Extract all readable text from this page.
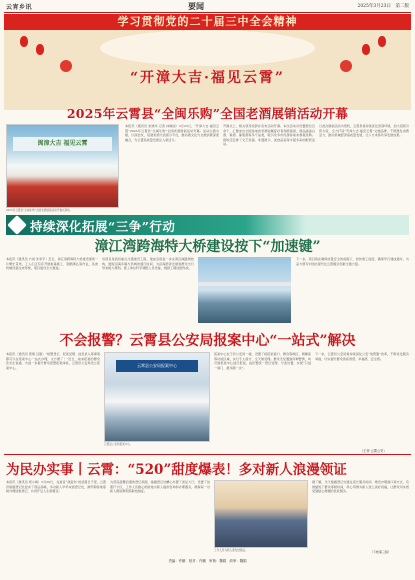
云宵乡讯	要闻	2025年3月23日　第二版
学习贯彻党的二十届三中全会精神
“开漳大吉·福见云霄”
2025年云霄县“全闽乐购”全国老酒展销活动开幕
闽漳大吉 福见云霄
2025年云霄县“全闽乐购”全国老酒展销活动开幕式现场。
本报讯（通讯员 朱晓华 记者 林晓丽）3月23日，“开漳大吉·福见云霄”2025年云霄县“全闽乐购”全国老酒展销活动开幕。活动以酒为媒，以商会友，搭建老酒交流展示平台，推动酒文化与文旅消费深度融合，为云霄高质量发展注入新活力。
开幕式上，相关领导致辞并宣布活动开幕。本次活动共设置展位百余个，汇聚来自全国各地的老酒收藏爱好者和经销商，展品涵盖白酒、黄酒、葡萄酒等多个品类，吸引众多市民游客前来参观选购。现场还安排了文艺表演、非遗展示、美食品鉴等丰富多彩的配套活动。
以此次展销活动为契机，云霄县将持续优化营商环境，加大招商引资力度，全力打造“开漳大吉·福见云霄”文旅品牌，不断激发消费活力，推动县域经济高质量发展，让八方来客共享发展成果。
持续深化拓展“三争”行动
漳江湾跨海特大桥建设按下“加速键”
本报讯（通讯员 方雨 朱李宇）近日，漳江湾跨海特大桥建设现场一片繁忙景象，工人们正有序开展桩基施工、钢筋绑扎等作业，各类机械设备往来穿梭，项目建设全力推进。
该项目是我县重点交通建设工程，建成后将进一步完善区域路网结构，缩短沿海乡镇与县城的通行时间，为沿海经济发展和群众出行带来极大便利。施工单位科学调配人员设备，倒排工期挂图作战。
下一步，项目将在确保质量安全的前提下，加快施工进度，确保早日建成通车，为奋力谱写中国式现代化云霄篇章贡献交通力量。
不会报警？云霄县公安局报案中心“一站式”解决
本报讯（通讯员 郑翔 吕刚）“接警登记、报案受理、信息录入等事项都可以在报案中心一站式办理，太方便了！”近日，前来报案的群众张先生说道。为进一步提升群众报警报案体验，云霄县公安局设立报案中心。	云霄县公安局报案中心
云霄县公安局报案中心。
报案中心位于县公安局一楼，设置了接报案窗口、群众等候区、调解室等功能区域，实行专人值守、全天候受理。群众无论遇到何种警情，均可到报案中心进行报案，由民警统一登记受理、分流处置，实现“只进一扇门、最多跑一次”。
下一步，云霄县公安局将持续深化公安“放管服”改革，不断优化服务举措，切实提升群众的获得感、幸福感、安全感。
（王菲 云霄公安）
为民办实事丨云霄：“520”甜度爆表！多对新人浪漫领证
本报讯（通讯员 郑小梅）5月20日，在谐音“我爱你”的浪漫日子里，云霄县婚姻登记处迎来了领证高峰，多对新人早早来到登记处，满怀期待地等候办理结婚登记，共同开启人生新篇章。
为营造温馨浪漫的登记氛围，婚姻登记处精心布置了颁证大厅，设置了拍照打卡区，工作人员耐心细致地为新人提供咨询和办理服务，确保每一对新人都能顺利领取结婚证。
工作人员为新人颁发结婚证。
据了解，当天婚姻登记处通过延长服务时间、增设办理窗口等方式，有效缩短了群众等候时间，用心用情为新人送上美好祝福，让群众切实感受到贴心便捷的民政服务。
（下转第三版）
责编：许鹏　校对：许鹏　审核：魏娟　終审：魏娟
